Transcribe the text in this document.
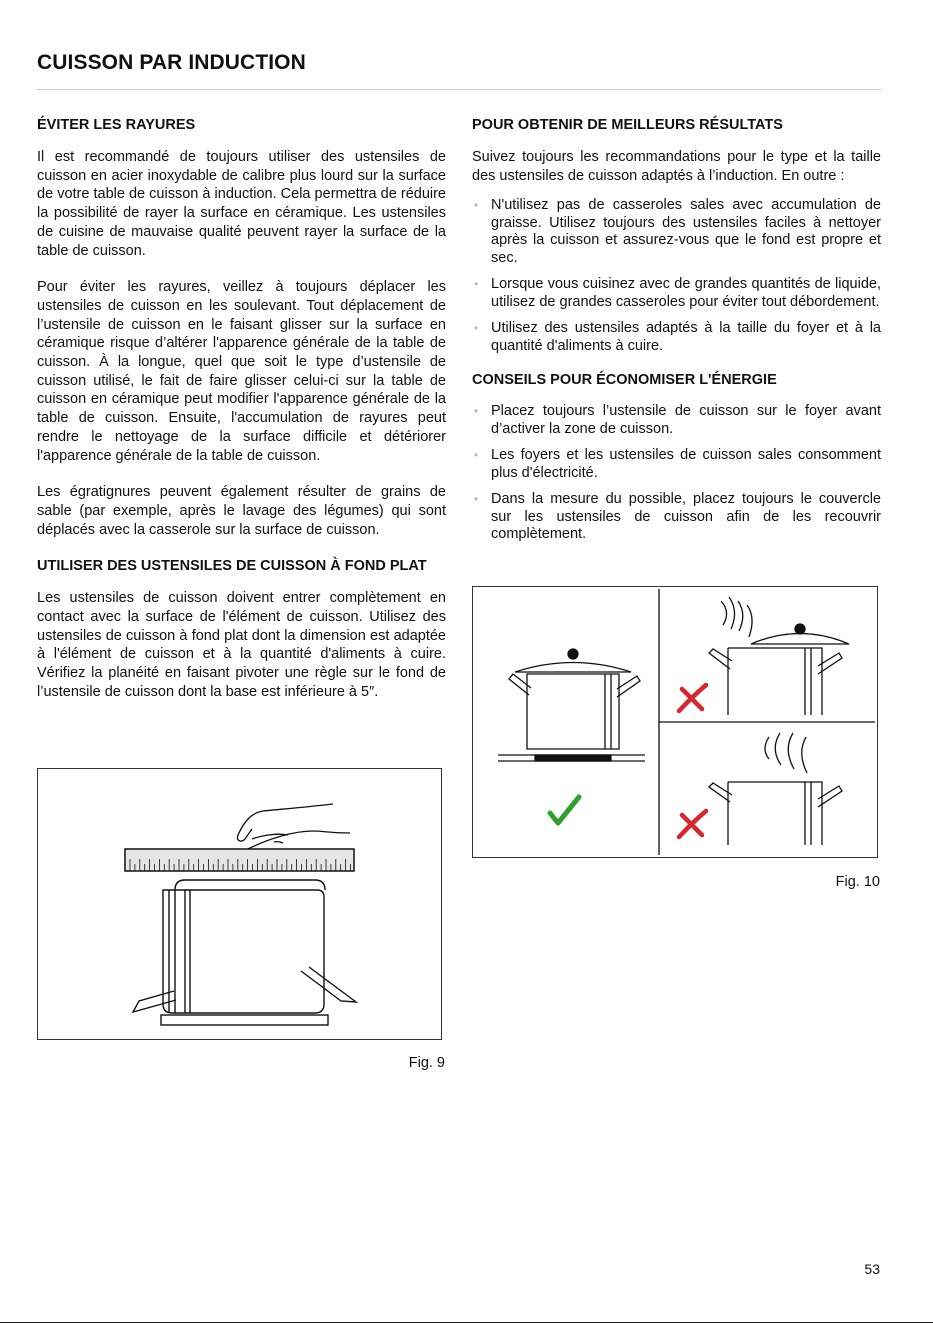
CUISSON PAR INDUCTION
ÉVITER LES RAYURES

Il est recommandé de toujours utiliser des ustensiles de cuisson en acier inoxydable de calibre plus lourd sur la surface de votre table de cuisson à induction. Cela permettra de réduire la possibilité de rayer la surface en céramique. Les ustensiles de cuisine de mauvaise qualité peuvent rayer la surface de la table de cuisson.

Pour éviter les rayures, veillez à toujours déplacer les ustensiles de cuisson en les soulevant. Tout déplacement de l’ustensile de cuisson en le faisant glisser sur la surface en céramique risque d’altérer l'apparence générale de la table de cuisson. À la longue, quel que soit le type d’ustensile de cuisson utilisé, le fait de faire glisser celui-ci sur la table de cuisson en céramique peut modifier l'apparence générale de la table de cuisson. Ensuite, l'accumulation de rayures peut rendre le nettoyage de la surface difficile et détériorer l'apparence générale de la table de cuisson.

Les égratignures peuvent également résulter de grains de sable (par exemple, après le lavage des légumes) qui sont déplacés avec la casserole sur la surface de cuisson.

UTILISER DES USTENSILES DE CUISSON À FOND PLAT

Les ustensiles de cuisson doivent entrer complètement en contact avec la surface de l'élément de cuisson. Utilisez des ustensiles de cuisson à fond plat dont la dimension est adaptée à l'élément de cuisson et à la quantité d'aliments à cuire. Vérifiez la planéité en faisant pivoter une règle sur le fond de l’ustensile de cuisson dont la base est inférieure à 5″.

Fig. 9
POUR OBTENIR DE MEILLEURS RÉSULTATS

Suivez toujours les recommandations pour le type et la taille des ustensiles de cuisson adaptés à l’induction. En outre :

• N'utilisez pas de casseroles sales avec accumulation de graisse. Utilisez toujours des ustensiles faciles à nettoyer après la cuisson et assurez-vous que le fond est propre et sec.
• Lorsque vous cuisinez avec de grandes quantités de liquide, utilisez de grandes casseroles pour éviter tout débordement.
• Utilisez des ustensiles adaptés à la taille du foyer et à la quantité d'aliments à cuire.
CONSEILS POUR ÉCONOMISER L'ÉNERGIE
• Placez toujours l’ustensile de cuisson sur le foyer avant d’activer la zone de cuisson.
• Les foyers et les ustensiles de cuisson sales consomment plus d'électricité.
• Dans la mesure du possible, placez toujours le couvercle sur les ustensiles de cuisson afin de les recouvrir complètement.
Fig. 10
53
